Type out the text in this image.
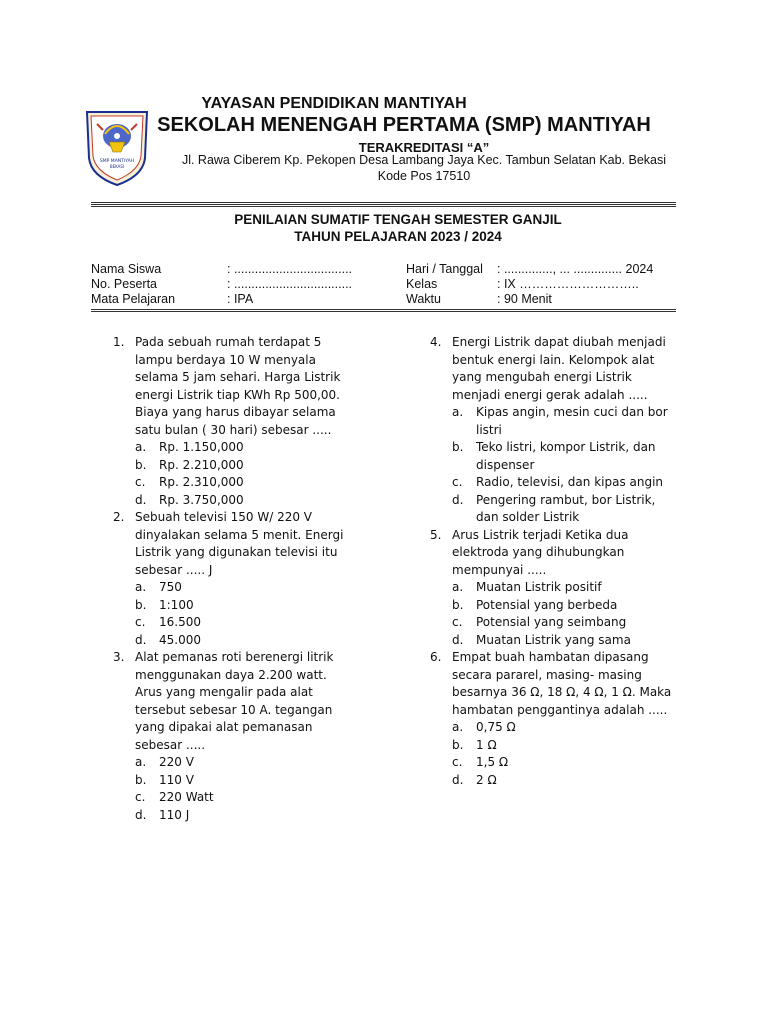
SMP MANTIYAH
BEKASI
YAYASAN PENDIDIKAN MANTIYAH
SEKOLAH MENENGAH PERTAMA (SMP) MANTIYAH
TERAKREDITASI “A”
Jl. Rawa Ciberem Kp. Pekopen Desa Lambang Jaya Kec. Tambun Selatan Kab. Bekasi
Kode Pos 17510
PENILAIAN SUMATIF TENGAH SEMESTER GANJIL
TAHUN PELAJARAN 2023 / 2024
Nama Siswa	: ..................................
No. Peserta	: ..................................
Mata Pelajaran	: IPA
Hari / Tanggal : .............., ... .............. 2024
Kelas	: IX ………………………..
Waktu	: 90 Menit
1. Pada sebuah rumah terdapat 5 lampu berdaya 10 W menyala selama 5 jam sehari. Harga Listrik energi Listrik tiap KWh Rp 500,00. Biaya yang harus dibayar selama satu bulan ( 30 hari) sebesar .....
a. Rp. 1.150,000
b. Rp. 2.210,000
c. Rp. 2.310,000
d. Rp. 3.750,000
2. Sebuah televisi 150 W/ 220 V dinyalakan selama 5 menit. Energi Listrik yang digunakan televisi itu sebesar ..... J
a. 750
b. 1:100
c. 16.500
d. 45.000
3. Alat pemanas roti berenergi litrik menggunakan daya 2.200 watt. Arus yang mengalir pada alat tersebut sebesar 10 A. tegangan yang dipakai alat pemanasan sebesar .....
a. 220 V
b. 110 V
c. 220 Watt
d. 110 J
4. Energi Listrik dapat diubah menjadi bentuk energi lain. Kelompok alat yang mengubah energi Listrik menjadi energi gerak adalah .....
a. Kipas angin, mesin cuci dan bor listri
b. Teko listri, kompor Listrik, dan dispenser
c. Radio, televisi, dan kipas angin
d. Pengering rambut, bor Listrik, dan solder Listrik
5. Arus Listrik terjadi Ketika dua elektroda yang dihubungkan mempunyai .....
a. Muatan Listrik positif
b. Potensial yang berbeda
c. Potensial yang seimbang
d. Muatan Listrik yang sama
6. Empat buah hambatan dipasang secara pararel, masing- masing besarnya 36 Ω, 18 Ω, 4 Ω, 1 Ω. Maka hambatan penggantinya adalah .....
a. 0,75 Ω
b. 1 Ω
c. 1,5 Ω
d. 2 Ω
